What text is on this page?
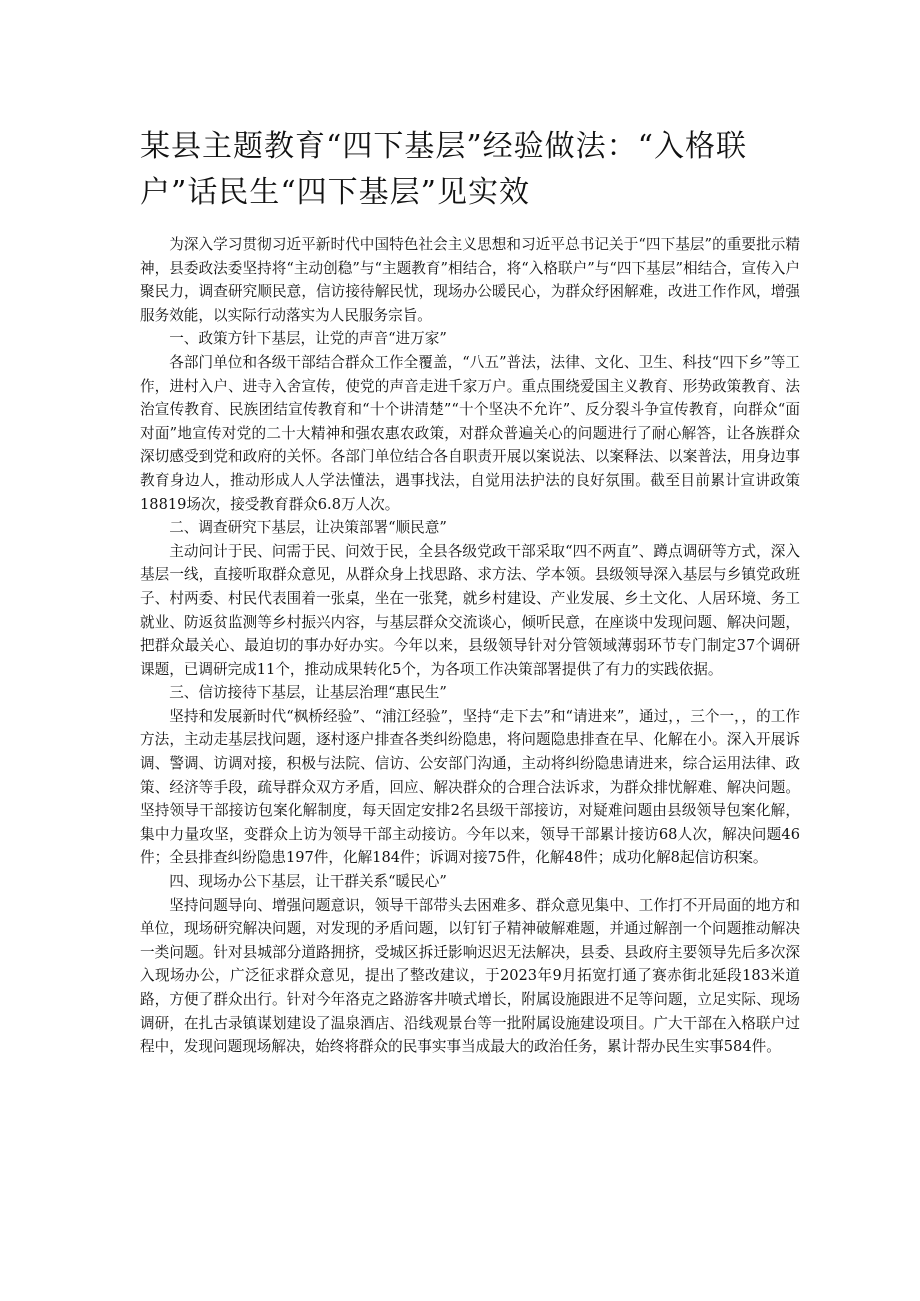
某县主题教育“四下基层”经验做法：“入格联户”话民生“四下基层”见实效

为深入学习贯彻习近平新时代中国特色社会主义思想和习近平总书记关于“四下基层”的重要批示精神，县委政法委坚持将“主动创稳”与“主题教育”相结合，将“入格联户”与“四下基层”相结合，宣传入户聚民力，调查研究顺民意，信访接待解民忧，现场办公暖民心，为群众纾困解难，改进工作作风，增强服务效能，以实际行动落实为人民服务宗旨。

一、政策方针下基层，让党的声音“进万家”

各部门单位和各级干部结合群众工作全覆盖，“八五”普法，法律、文化、卫生、科技“四下乡”等工作，进村入户、进寺入舍宣传，使党的声音走进千家万户。重点围绕爱国主义教育、形势政策教育、法治宣传教育、民族团结宣传教育和“十个讲清楚”“十个坚决不允许”、反分裂斗争宣传教育，向群众“面对面”地宣传对党的二十大精神和强农惠农政策，对群众普遍关心的问题进行了耐心解答，让各族群众深切感受到党和政府的关怀。各部门单位结合各自职责开展以案说法、以案释法、以案普法，用身边事教育身边人，推动形成人人学法懂法，遇事找法，自觉用法护法的良好氛围。截至目前累计宣讲政策18819场次，接受教育群众6.8万人次。

二、调查研究下基层，让决策部署“顺民意”

主动问计于民、问需于民、问效于民，全县各级党政干部采取“四不两直”、蹲点调研等方式，深入基层一线，直接听取群众意见，从群众身上找思路、求方法、学本领。县级领导深入基层与乡镇党政班子、村两委、村民代表围着一张桌，坐在一张凳，就乡村建设、产业发展、乡土文化、人居环境、务工就业、防返贫监测等乡村振兴内容，与基层群众交流谈心，倾听民意，在座谈中发现问题、解决问题，把群众最关心、最迫切的事办好办实。今年以来，县级领导针对分管领域薄弱环节专门制定37个调研课题，已调研完成11个，推动成果转化5个，为各项工作决策部署提供了有力的实践依据。

三、信访接待下基层，让基层治理“惠民生”

坚持和发展新时代“枫桥经验”、“浦江经验”，坚持“走下去”和“请进来”，通过，，三个一，，的工作方法，主动走基层找问题，逐村逐户排查各类纠纷隐患，将问题隐患排查在早、化解在小。深入开展诉调、警调、访调对接，积极与法院、信访、公安部门沟通，主动将纠纷隐患请进来，综合运用法律、政策、经济等手段，疏导群众双方矛盾，回应、解决群众的合理合法诉求，为群众排忧解难、解决问题。坚持领导干部接访包案化解制度，每天固定安排2名县级干部接访，对疑难问题由县级领导包案化解，集中力量攻坚，变群众上访为领导干部主动接访。今年以来，领导干部累计接访68人次，解决问题46件；全县排查纠纷隐患197件，化解184件；诉调对接75件，化解48件；成功化解8起信访积案。

四、现场办公下基层，让干群关系“暖民心”

坚持问题导向、增强问题意识，领导干部带头去困难多、群众意见集中、工作打不开局面的地方和单位，现场研究解决问题，对发现的矛盾问题，以钉钉子精神破解难题，并通过解剖一个问题推动解决一类问题。针对县城部分道路拥挤，受城区拆迁影响迟迟无法解决，县委、县政府主要领导先后多次深入现场办公，广泛征求群众意见，提出了整改建议，于2023年9月拓宽打通了赛赤街北延段183米道路，方便了群众出行。针对今年洛克之路游客井喷式增长，附属设施跟进不足等问题，立足实际、现场调研，在扎古录镇谋划建设了温泉酒店、沿线观景台等一批附属设施建设项目。广大干部在入格联户过程中，发现问题现场解决，始终将群众的民事实事当成最大的政治任务，累计帮办民生实事584件。
